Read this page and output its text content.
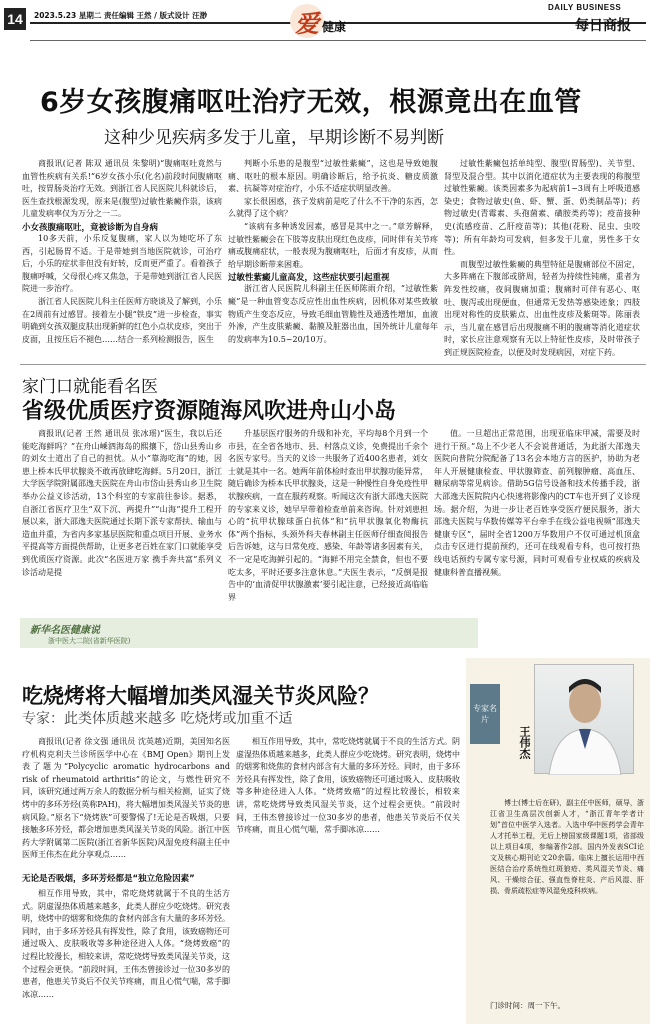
14	2023.5.23 星期二 责任编辑 王然 / 版式设计 汪渺	爱 健康
DAILY BUSINESS
每日商报
6岁女孩腹痛呕吐治疗无效，根源竟出在血管
这种少见疾病多发于儿童，早期诊断不易判断

商报讯(记者 陈双 通讯员 朱黎明)“腹痛呕吐竟然与血管性疾病有关系!”6岁女孩小乐(化名)前段时间腹痛呕吐，按胃肠炎治疗无效。到浙江省人民医院儿科就诊后，医生查找根源发现，原来是(腹型)过敏性紫癜作祟，该病儿童发病率仅为万分之一二。

小女孩腹痛呕吐，竟被诊断为自身病

10多天前，小乐反复腹痛，家人以为她吃坏了东西，引起肠胃不适。于是带她到当地医院就诊，可治疗后，小乐的症状非但没有好转，反而更严重了。看着孩子腹痛呼喊，父母很心疼又焦急，于是带她到浙江省人民医院进一步治疗。

浙江省人民医院儿科主任医师方晓谈及了解到，小乐在2周前有过感冒。接着左小腿“铁皮”进一步检查，事实明确到女孩双腿皮肤出现新鲜的红色小点状皮疹，突出于皮面，且按压后不褪色……结合一系列检测报告，医生

判断小乐患的是腹型“过敏性紫癜”，这也是导致她腹痛、呕吐的根本原因。明确诊断后，给予抗炎、糖皮质激素、抗凝等对症治疗，小乐不适症状明显改善。

家长很困惑，孩子发病前是吃了什么不干净的东西，怎么就得了这个病？

“该病有多种诱发因素，感冒是其中之一。”章芳解释，过敏性紫癜会在下肢等皮肤出现红色皮疹，同时伴有关节疼痛或腹痛症状，一般表现为腹痛呕吐，后面才有皮疹，从而给早期诊断带来困难。

过敏性紫癜儿童高发，这些症状要引起重视

浙江省人民医院儿科副主任医师陈雨介绍，“过敏性紫癜”是一种血管变态反应性出血性疾病，因机体对某些致敏物质产生变态反应，导致毛细血管脆性及通透性增加，血液外渗，产生皮肤紫癜、黏膜及脏器出血，国外统计儿童每年的发病率为10.5~20/10万。

过敏性紫癜包括单纯型、腹型(胃肠型)、关节型、肾型及混合型。其中以消化道症状为主要表现的称腹型过敏性紫癜。该类因素多为起病前1~3周有上呼吸道感染史；食物过敏史(鱼、虾、蟹、蛋、奶类制品等)；药物过敏史(青霉素、头孢菌素、磺胺类药等)；疫苗接种史(流感疫苗、乙肝疫苗等)；其他(花粉、昆虫、虫咬等)；所有年龄均可发病，但多发于儿童，男性多于女性。

而腹型过敏性紫癜的典型特征是腹痛部位不固定，大多阵痛在下腹部或脐周，轻者为持续性钝痛，重者为阵发性绞痛，夜间腹痛加重；腹痛时可伴有恶心、呕吐、腹泻或出现便血，但通常无发热等感染迹象；四肢出现对称性的皮肤紫点、出血性皮疹及紫斑等。陈丽表示，当儿童在感冒后出现腹痛不明的腹痛等消化道症状时，家长应注意观察有无以上特征性皮疹，及时带孩子到正规医院检查，以便及时发现病因，对症下药。

家门口就能看名医
省级优质医疗资源随海风吹进舟山小岛

商报讯(记者 王然 通讯员 张冰瑶)“医生，我以后还能吃海鲜吗？”在舟山嵊泗海岛的熙攘下，岱山县秀山乡的刘女士道出了自己的担忧。从小“靠海吃海”的她，因患上桥本氏甲状腺炎不敢再放肆吃海鲜。5月20日，浙江大学医学院附属邵逸夫医院在舟山市岱山县秀山乡卫生院举办公益义诊活动，13个科室的专家前往参诊。据悉，自浙江省医疗卫生“双下沉、两提升”“山海”提升工程开展以来，浙大邵逸夫医院通过长期下派专家帮扶、输血与造血并重，为省内多家基层医院和重点项目开展、业务水平提高等方面提供帮助，让更多老百姓在家门口就能享受到优质医疗资源。此次“名医进万家 携手奔共富”系列义诊活动是提

升基层医疗服务的升级和补充，平均每8个月到一个市县，在全省各地市、县、村落点义诊，免费提出千余个名医专家号。当天的义诊一共服务了近400名患者，刘女士就是其中一名。她两年前体检时查出甲状腺功能异常，随后确诊为桥本氏甲状腺炎，这是一种慢性自身免疫性甲状腺疾病，一直在服药观察。听闻这次有浙大邵逸夫医院的专家来义诊，她早早带着检查单前来咨询。针对刘患担心的“抗甲状腺球蛋白抗体”和“抗甲状腺氧化物酶抗体”两个指标，头颈外科夫春林副主任医师仔细查阅报告后告诉她，这与日常免疫、感染、年龄等诸多因素有关，不一定是吃海鲜引起的。“海鲜不用完全禁食，但也不要吃太多，平时还要多注意休息。”夫医生表示，“反倒是报告中的‘血清促甲状腺激素’要引起注意，已经接近高临临界

值。一旦超出正常范围，出现亚临床甲减，需要及时进行干预。”岛上不少老人不会说普通话，为此浙大邵逸夫医院向普院分院配备了13名会本地方言的医护，协助为老年人开展健康检查、甲状腺筛查、前列腺肿瘤、高血压、糖尿病等常见病诊。借助5G信号设备和技术传播手段，浙大邵逸夫医院院内心快速将影像内的CT车也开到了义诊现场。据介绍，为进一步让老百姓享受医疗便民服务，浙大邵逸夫医院与华数传媒等平台牵手在线公益电视频“邵逸夫健康专区”，届时全省1200万华数用户不仅可通过机顶盒点击专区进行提前预约，还可在线观看专科，也可按打热线电话预约专属专家号源，同时可观看专业权威的疾病及健康科普直播视频。

新华名医健康说
浙中医大二院(省新华医院)
吃烧烤将大幅增加类风湿关节炎风险？
专家：此类体质越来越多 吃烧烤或加重不适

商报讯(记者 徐文强 通讯员 沈英越)近期，美国知名医疗机构克利夫兰诊所医学中心在《BMJ Open》期刊上发表了题为“Polycyclic aromatic hydrocarbons and risk of rheumatoid arthritis”的论文，与燃性研究不同，该研究通过两万余人的数据分析与相关检测，证实了烧烤中的多环芳烃(英称PAH)，将大幅增加类风湿关节炎的患病风险。”原名下“烧烤族”可要警惕了!无论是否吸烟，只要接触多环芳烃，都会增加患类风湿关节炎的风险。浙江中医药大学附属第二医院(浙江省新华医院)风湿免疫科副主任中医师王伟杰在此分享观点……

无论是否吸烟，多环芳烃都是“独立危险因素”

相互作用导致，其中，常吃烧烤就属于不良的生活方式。阴虚湿热体质越来越多，此类人群应少吃烧烤。研究表明，烧烤中的烟雾和烧焦的食材内部含有大量的多环芳烃。同时，由于多环芳烃具有挥发性，除了食用，该致癌物还可通过吸入、皮肤吸收等多种途径进入人体。“烧烤致癌”的过程比较漫长，相较来讲，常吃烧烤导致类风湿关节炎，这个过程会更快。“前段时间，王伟杰曾接诊过一位30多岁的患者，他患关节炎后不仅关节疼痛，而且心慌气喘，常手脚冰凉……

相互作用导致，其中，常吃烧烤就属于不良的生活方式。阴虚湿热体质越来越多，此类人群应少吃烧烤。研究表明，烧烤中的烟雾和烧焦的食材内部含有大量的多环芳烃。同时，由于多环芳烃具有挥发性，除了食用，该致癌物还可通过吸入、皮肤吸收等多种途径进入人体。“烧烤致癌”的过程比较漫长，相较来讲，常吃烧烤导致类风湿关节炎，这个过程会更快。“前段时间，王伟杰曾接诊过一位30多岁的患者，他患关节炎后不仅关节疼痛，而且心慌气喘，常手脚冰凉……

专家名片
王伟杰
博士(博士后在研)，副主任中医师，硕导，浙江省卫生高层次创新人才，“浙江青年学者计划”首位中医学入选者。入选中华中医药学会青年人才托举工程，无后上榜国家级课题1项，省部级以上项目4项，参编著作2部。国内外发表SCI论文及核心期刊论文20余篇。临床上擅长运用中西医结合治疗系统性红斑狼疮、类风湿关节炎、痛风、干燥综合征、强直性脊柱炎、产后风湿、肝损、骨质疏松症等风湿免疫科疾病。
门诊时间：周一下午。
